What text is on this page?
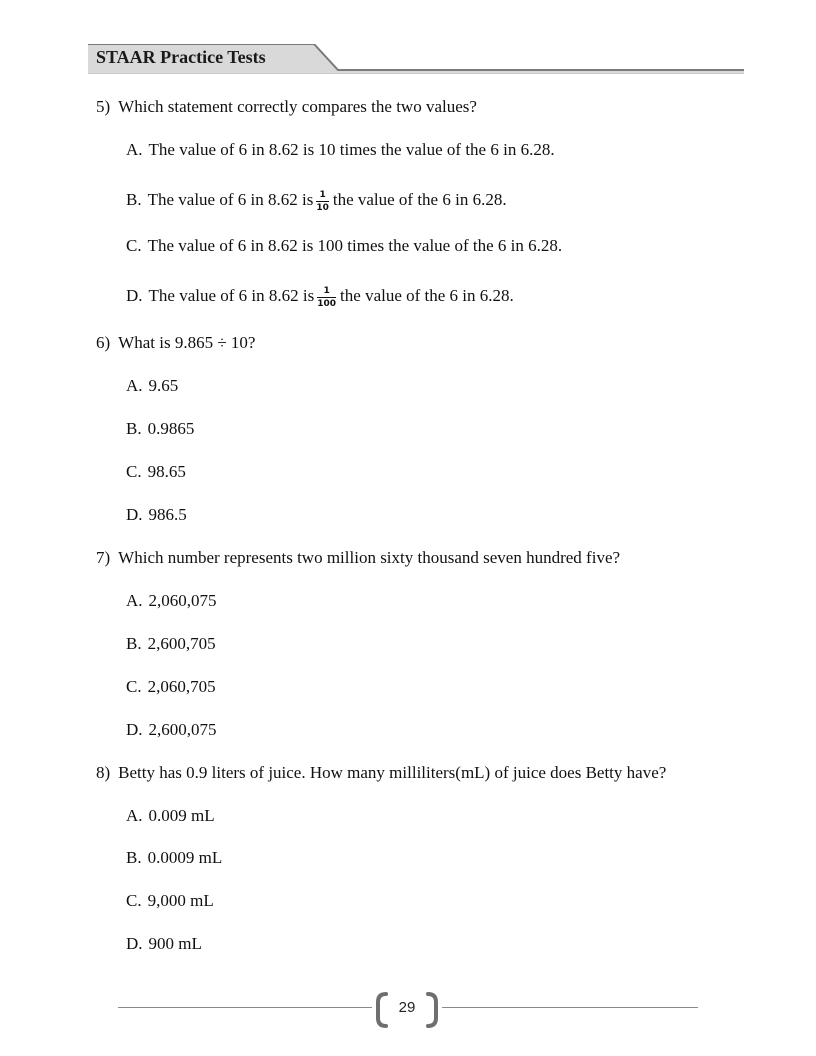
STAAR Practice Tests
5) Which statement correctly compares the two values?
A. The value of 6 in 8.62 is 10 times the value of the 6 in 6.28.
B. The value of 6 in 8.62 is $\frac{1}{10}$ the value of the 6 in 6.28.
C. The value of 6 in 8.62 is 100 times the value of the 6 in 6.28.
D. The value of 6 in 8.62 is $\frac{1}{100}$ the value of the 6 in 6.28.
6) What is 9.865 ÷ 10?
A. 9.65
B. 0.9865
C. 98.65
D. 986.5
7) Which number represents two million sixty thousand seven hundred five?
A. 2,060,075
B. 2,600,705
C. 2,060,705
D. 2,600,075
8) Betty has 0.9 liters of juice. How many milliliters(mL) of juice does Betty have?
A. 0.009 mL
B. 0.0009 mL
C. 9,000 mL
D. 900 mL
29
